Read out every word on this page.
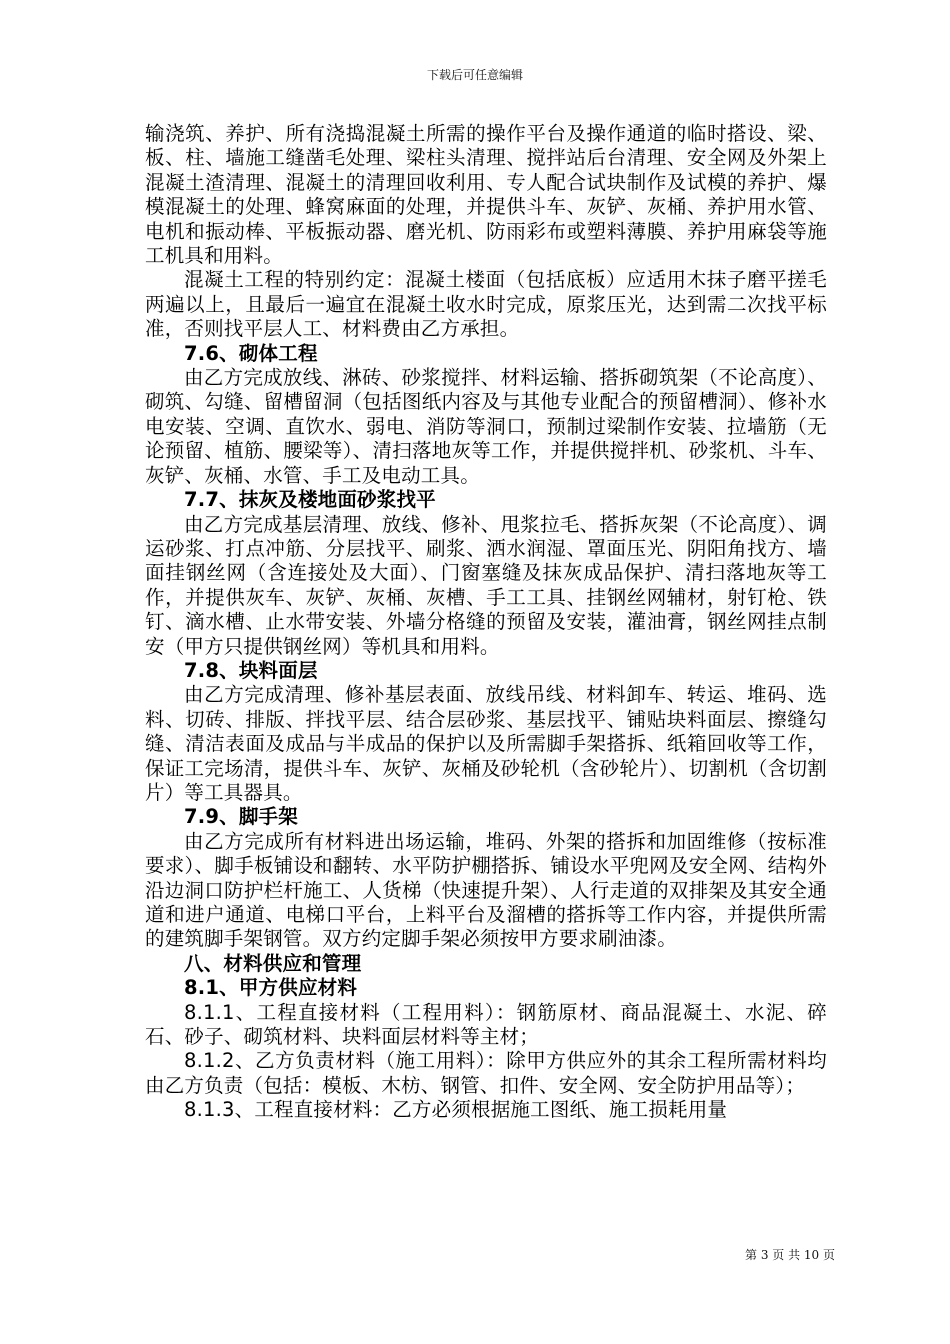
下载后可任意编辑

输浇筑、养护、所有浇捣混凝土所需的操作平台及操作通道的临时搭设、梁、板、柱、墙施工缝凿毛处理、梁柱头清理、搅拌站后台清理、安全网及外架上混凝土渣清理、混凝土的清理回收利用、专人配合试块制作及试模的养护、爆模混凝土的处理、蜂窝麻面的处理，并提供斗车、灰铲、灰桶、养护用水管、电机和振动棒、平板振动器、磨光机、防雨彩布或塑料薄膜、养护用麻袋等施工机具和用料。

混凝土工程的特别约定：混凝土楼面（包括底板）应适用木抹子磨平搓毛两遍以上，且最后一遍宜在混凝土收水时完成，原浆压光，达到需二次找平标准，否则找平层人工、材料费由乙方承担。

7.6、砌体工程

由乙方完成放线、淋砖、砂浆搅拌、材料运输、搭拆砌筑架（不论高度）、砌筑、勾缝、留槽留洞（包括图纸内容及与其他专业配合的预留槽洞）、修补水电安装、空调、直饮水、弱电、消防等洞口，预制过梁制作安装、拉墙筋（无论预留、植筋、腰梁等）、清扫落地灰等工作，并提供搅拌机、砂浆机、斗车、灰铲、灰桶、水管、手工及电动工具。

7.7、抹灰及楼地面砂浆找平

由乙方完成基层清理、放线、修补、甩浆拉毛、搭拆灰架（不论高度）、调运砂浆、打点冲筋、分层找平、刷浆、洒水润湿、罩面压光、阴阳角找方、墙面挂钢丝网（含连接处及大面）、门窗塞缝及抹灰成品保护、清扫落地灰等工作，并提供灰车、灰铲、灰桶、灰槽、手工工具、挂钢丝网辅材，射钉枪、铁钉、滴水槽、止水带安装、外墙分格缝的预留及安装，灌油膏，钢丝网挂点制安（甲方只提供钢丝网）等机具和用料。

7.8、块料面层

由乙方完成清理、修补基层表面、放线吊线、材料卸车、转运、堆码、选料、切砖、排版、拌找平层、结合层砂浆、基层找平、铺贴块料面层、擦缝勾缝、清洁表面及成品与半成品的保护以及所需脚手架搭拆、纸箱回收等工作，保证工完场清，提供斗车、灰铲、灰桶及砂轮机（含砂轮片）、切割机（含切割片）等工具器具。

7.9、脚手架

由乙方完成所有材料进出场运输，堆码、外架的搭拆和加固维修（按标准要求）、脚手板铺设和翻转、水平防护棚搭拆、铺设水平兜网及安全网、结构外沿边洞口防护栏杆施工、人货梯（快速提升架）、人行走道的双排架及其安全通道和进户通道、电梯口平台，上料平台及溜槽的搭拆等工作内容，并提供所需的建筑脚手架钢管。双方约定脚手架必须按甲方要求刷油漆。

八、材料供应和管理

8.1、甲方供应材料

8.1.1、工程直接材料（工程用料）：钢筋原材、商品混凝土、水泥、碎石、砂子、砌筑材料、块料面层材料等主材；

8.1.2、乙方负责材料（施工用料）：除甲方供应外的其余工程所需材料均由乙方负责（包括：模板、木枋、钢管、扣件、安全网、安全防护用品等）；

8.1.3、工程直接材料：乙方必须根据施工图纸、施工损耗用量

第 3 页 共 10 页
